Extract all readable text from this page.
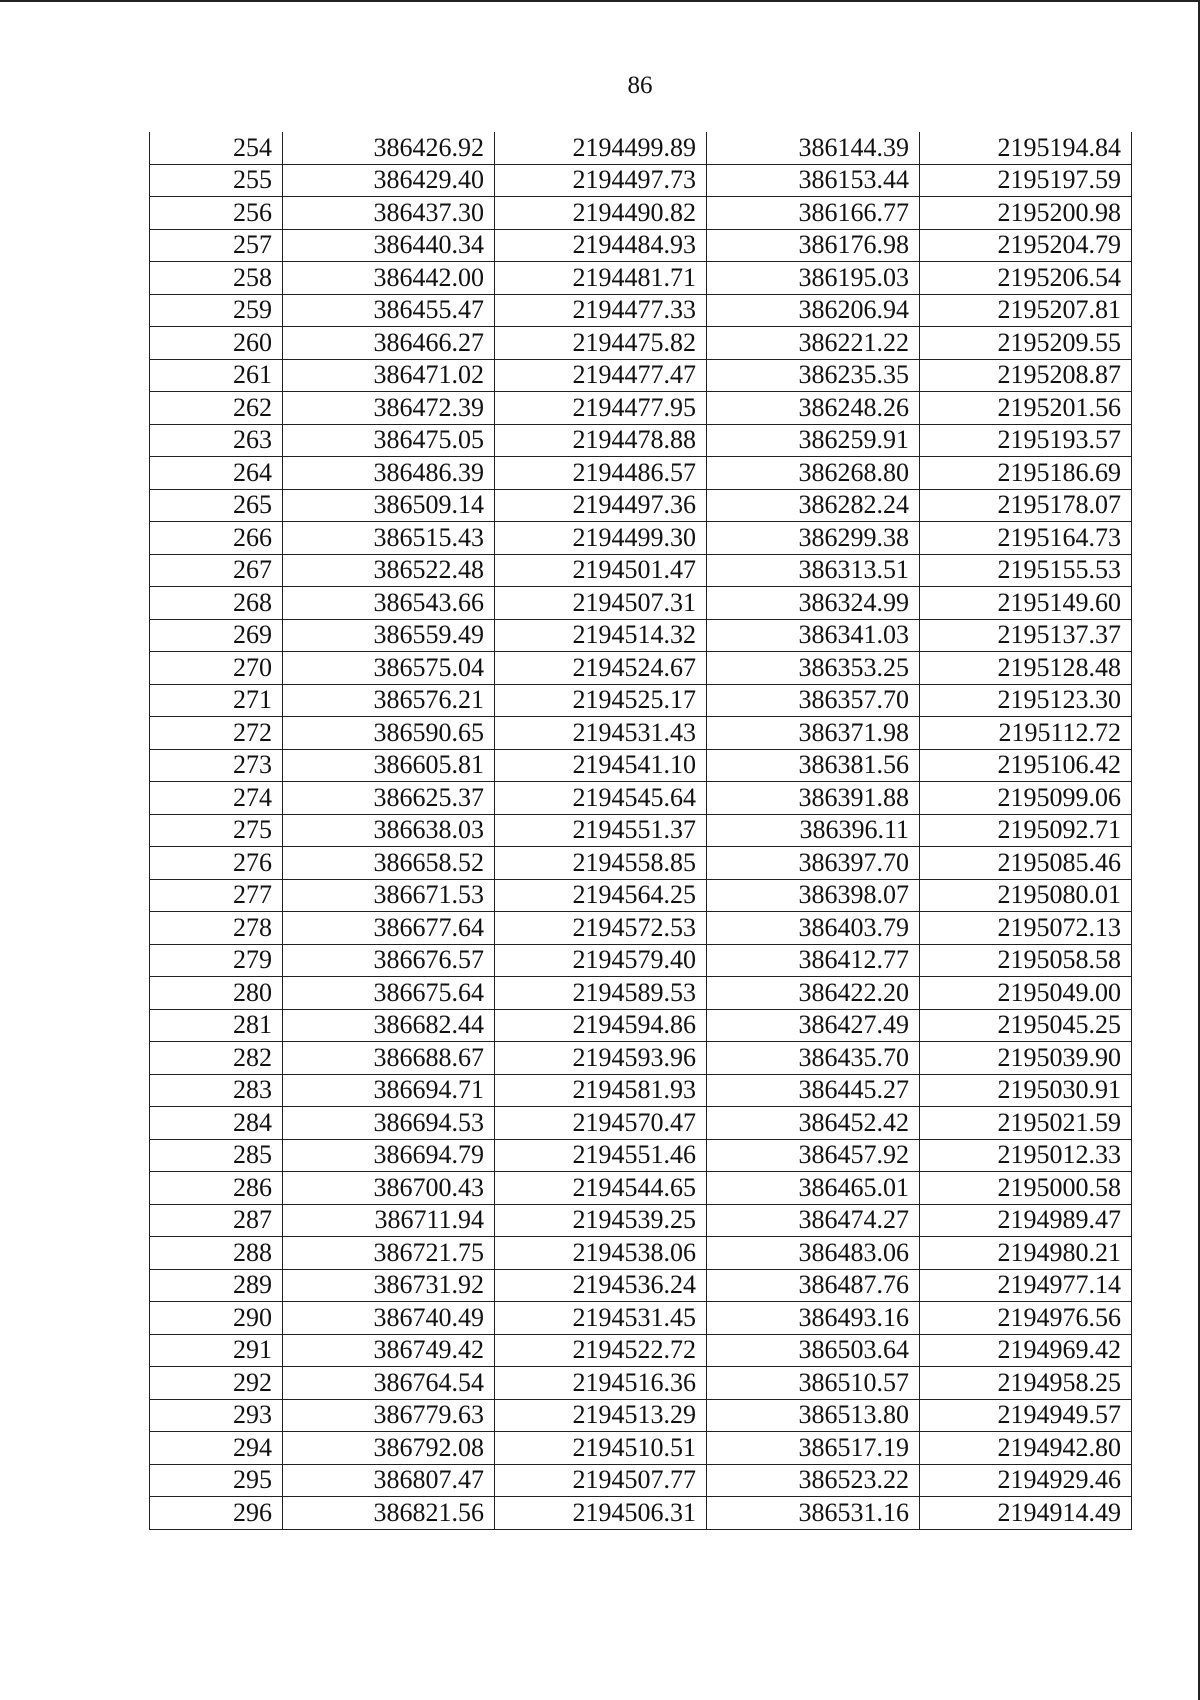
86
254	386426.92	2194499.89	386144.39	2195194.84
255	386429.40	2194497.73	386153.44	2195197.59
256	386437.30	2194490.82	386166.77	2195200.98
257	386440.34	2194484.93	386176.98	2195204.79
258	386442.00	2194481.71	386195.03	2195206.54
259	386455.47	2194477.33	386206.94	2195207.81
260	386466.27	2194475.82	386221.22	2195209.55
261	386471.02	2194477.47	386235.35	2195208.87
262	386472.39	2194477.95	386248.26	2195201.56
263	386475.05	2194478.88	386259.91	2195193.57
264	386486.39	2194486.57	386268.80	2195186.69
265	386509.14	2194497.36	386282.24	2195178.07
266	386515.43	2194499.30	386299.38	2195164.73
267	386522.48	2194501.47	386313.51	2195155.53
268	386543.66	2194507.31	386324.99	2195149.60
269	386559.49	2194514.32	386341.03	2195137.37
270	386575.04	2194524.67	386353.25	2195128.48
271	386576.21	2194525.17	386357.70	2195123.30
272	386590.65	2194531.43	386371.98	2195112.72
273	386605.81	2194541.10	386381.56	2195106.42
274	386625.37	2194545.64	386391.88	2195099.06
275	386638.03	2194551.37	386396.11	2195092.71
276	386658.52	2194558.85	386397.70	2195085.46
277	386671.53	2194564.25	386398.07	2195080.01
278	386677.64	2194572.53	386403.79	2195072.13
279	386676.57	2194579.40	386412.77	2195058.58
280	386675.64	2194589.53	386422.20	2195049.00
281	386682.44	2194594.86	386427.49	2195045.25
282	386688.67	2194593.96	386435.70	2195039.90
283	386694.71	2194581.93	386445.27	2195030.91
284	386694.53	2194570.47	386452.42	2195021.59
285	386694.79	2194551.46	386457.92	2195012.33
286	386700.43	2194544.65	386465.01	2195000.58
287	386711.94	2194539.25	386474.27	2194989.47
288	386721.75	2194538.06	386483.06	2194980.21
289	386731.92	2194536.24	386487.76	2194977.14
290	386740.49	2194531.45	386493.16	2194976.56
291	386749.42	2194522.72	386503.64	2194969.42
292	386764.54	2194516.36	386510.57	2194958.25
293	386779.63	2194513.29	386513.80	2194949.57
294	386792.08	2194510.51	386517.19	2194942.80
295	386807.47	2194507.77	386523.22	2194929.46
296	386821.56	2194506.31	386531.16	2194914.49
